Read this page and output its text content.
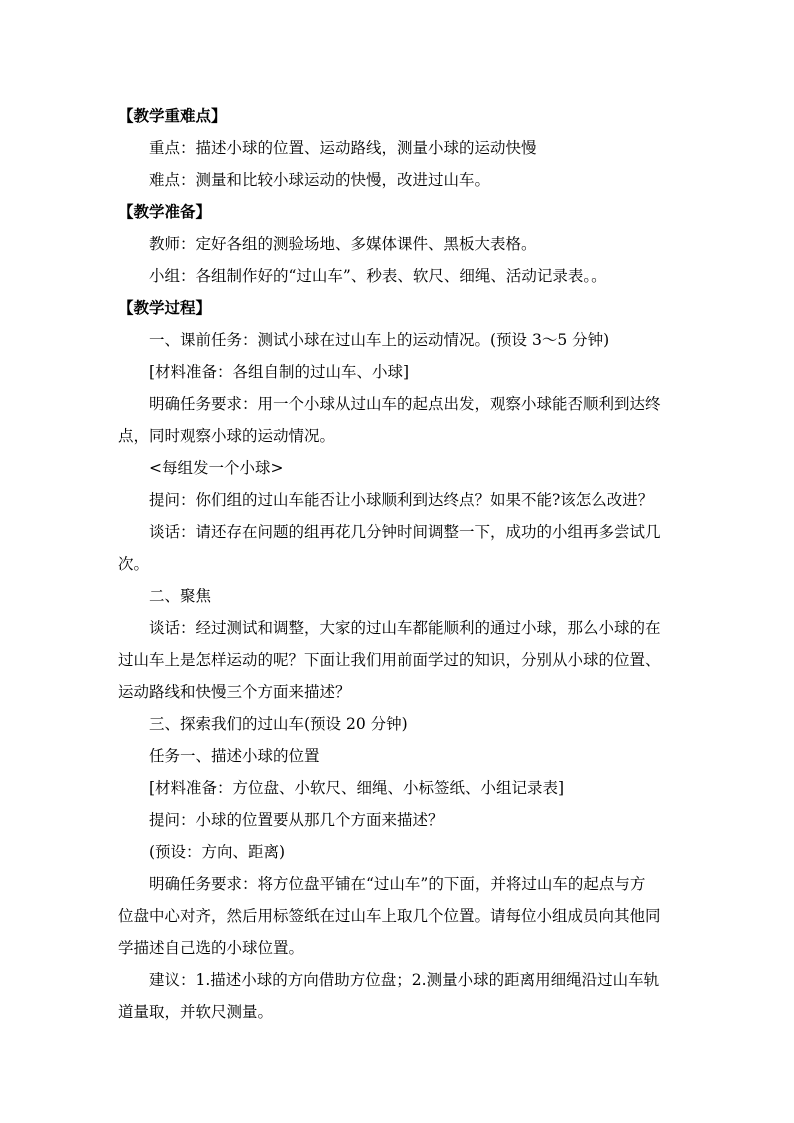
【教学重难点】
重点：描述小球的位置、运动路线，测量小球的运动快慢
难点：测量和比较小球运动的快慢，改进过山车。
【教学准备】
教师：定好各组的测验场地、多媒体课件、黑板大表格。
小组：各组制作好的“过山车”、秒表、软尺、细绳、活动记录表。。
【教学过程】
一、课前任务：测试小球在过山车上的运动情况。(预设 3～5 分钟)
[材料准备：各组自制的过山车、小球]
明确任务要求：用一个小球从过山车的起点出发，观察小球能否顺利到达终
点，同时观察小球的运动情况。
<每组发一个小球>
提问：你们组的过山车能否让小球顺利到达终点？如果不能?该怎么改进？
谈话：请还存在问题的组再花几分钟时间调整一下，成功的小组再多尝试几
次。
二、聚焦
谈话：经过测试和调整，大家的过山车都能顺利的通过小球，那么小球的在
过山车上是怎样运动的呢？下面让我们用前面学过的知识，分别从小球的位置、
运动路线和快慢三个方面来描述？
三、探索我们的过山车(预设 20 分钟)
任务一、描述小球的位置
[材料准备：方位盘、小软尺、细绳、小标签纸、小组记录表]
提问：小球的位置要从那几个方面来描述？
(预设：方向、距离)
明确任务要求：将方位盘平铺在“过山车”的下面，并将过山车的起点与方
位盘中心对齐，然后用标签纸在过山车上取几个位置。请每位小组成员向其他同
学描述自己选的小球位置。
建议：1.描述小球的方向借助方位盘；2.测量小球的距离用细绳沿过山车轨
道量取，并软尺测量。
